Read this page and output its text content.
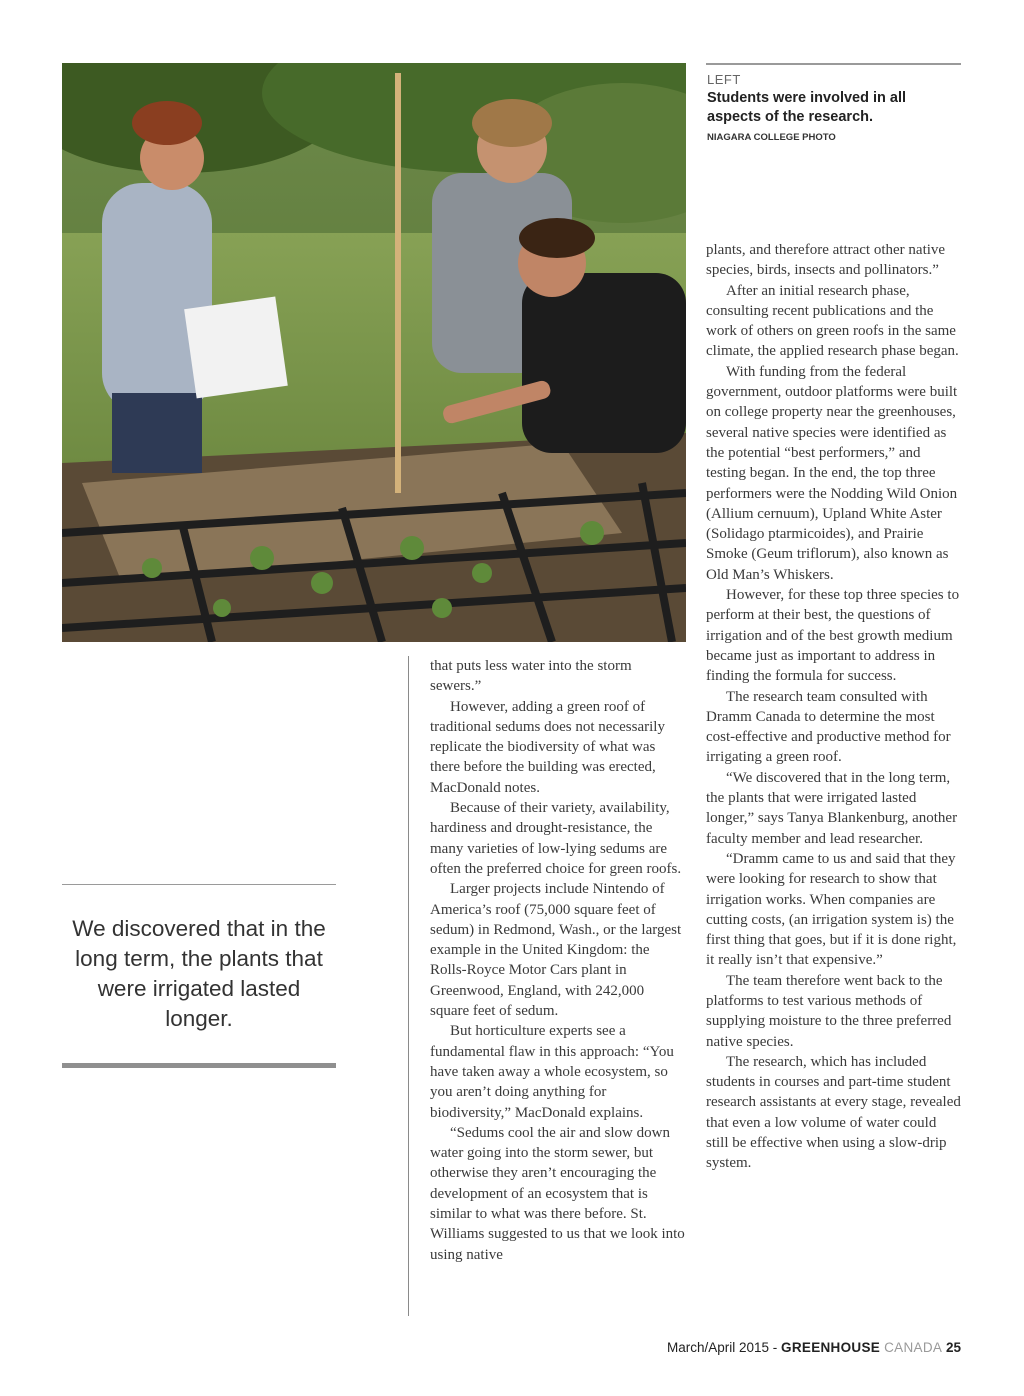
LEFT
Students were involved in all aspects of the research.
NIAGARA COLLEGE PHOTO
We discovered that in the long term, the plants that were irrigated lasted longer.

that puts less water into the storm sewers.”

However, adding a green roof of traditional sedums does not necessarily replicate the biodiversity of what was there before the building was erected, MacDonald notes.

Because of their variety, availability, hardiness and drought-resistance, the many varieties of low-lying sedums are often the preferred choice for green roofs.

Larger projects include Nintendo of America’s roof (75,000 square feet of sedum) in Redmond, Wash., or the largest example in the United Kingdom: the Rolls-Royce Motor Cars plant in Greenwood, England, with 242,000 square feet of sedum.

But horticulture experts see a fundamental flaw in this approach: “You have taken away a whole ecosystem, so you aren’t doing anything for biodiversity,” MacDonald explains.

“Sedums cool the air and slow down water going into the storm sewer, but otherwise they aren’t encouraging the development of an ecosystem that is similar to what was there before. St. Williams suggested to us that we look into using native

plants, and therefore attract other native species, birds, insects and pollinators.”

After an initial research phase, consulting recent publications and the work of others on green roofs in the same climate, the applied research phase began.

With funding from the federal government, outdoor platforms were built on college property near the greenhouses, several native species were identified as the potential “best performers,” and testing began. In the end, the top three performers were the Nodding Wild Onion (Allium cernuum), Upland White Aster (Solidago ptarmicoides), and Prairie Smoke (Geum triflorum), also known as Old Man’s Whiskers.

However, for these top three species to perform at their best, the questions of irrigation and of the best growth medium became just as important to address in finding the formula for success.

The research team consulted with Dramm Canada to determine the most cost-effective and productive method for irrigating a green roof.

“We discovered that in the long term, the plants that were irrigated lasted longer,” says Tanya Blankenburg, another faculty member and lead researcher.

“Dramm came to us and said that they were looking for research to show that irrigation works. When companies are cutting costs, (an irrigation system is) the first thing that goes, but if it is done right, it really isn’t that expensive.”

The team therefore went back to the platforms to test various methods of supplying moisture to the three preferred native species.

The research, which has included students in courses and part-time student research assistants at every stage, revealed that even a low volume of water could still be effective when using a slow-drip system.

March/April 2015 - GREENHOUSE CANADA 25
